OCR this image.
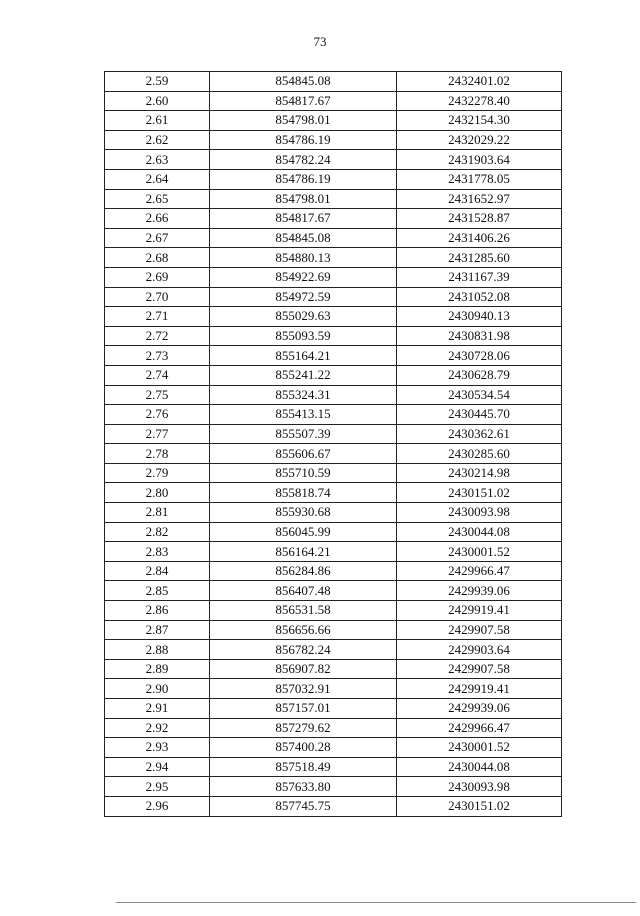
73
2.59	854845.08	2432401.02
2.60	854817.67	2432278.40
2.61	854798.01	2432154.30
2.62	854786.19	2432029.22
2.63	854782.24	2431903.64
2.64	854786.19	2431778.05
2.65	854798.01	2431652.97
2.66	854817.67	2431528.87
2.67	854845.08	2431406.26
2.68	854880.13	2431285.60
2.69	854922.69	2431167.39
2.70	854972.59	2431052.08
2.71	855029.63	2430940.13
2.72	855093.59	2430831.98
2.73	855164.21	2430728.06
2.74	855241.22	2430628.79
2.75	855324.31	2430534.54
2.76	855413.15	2430445.70
2.77	855507.39	2430362.61
2.78	855606.67	2430285.60
2.79	855710.59	2430214.98
2.80	855818.74	2430151.02
2.81	855930.68	2430093.98
2.82	856045.99	2430044.08
2.83	856164.21	2430001.52
2.84	856284.86	2429966.47
2.85	856407.48	2429939.06
2.86	856531.58	2429919.41
2.87	856656.66	2429907.58
2.88	856782.24	2429903.64
2.89	856907.82	2429907.58
2.90	857032.91	2429919.41
2.91	857157.01	2429939.06
2.92	857279.62	2429966.47
2.93	857400.28	2430001.52
2.94	857518.49	2430044.08
2.95	857633.80	2430093.98
2.96	857745.75	2430151.02
